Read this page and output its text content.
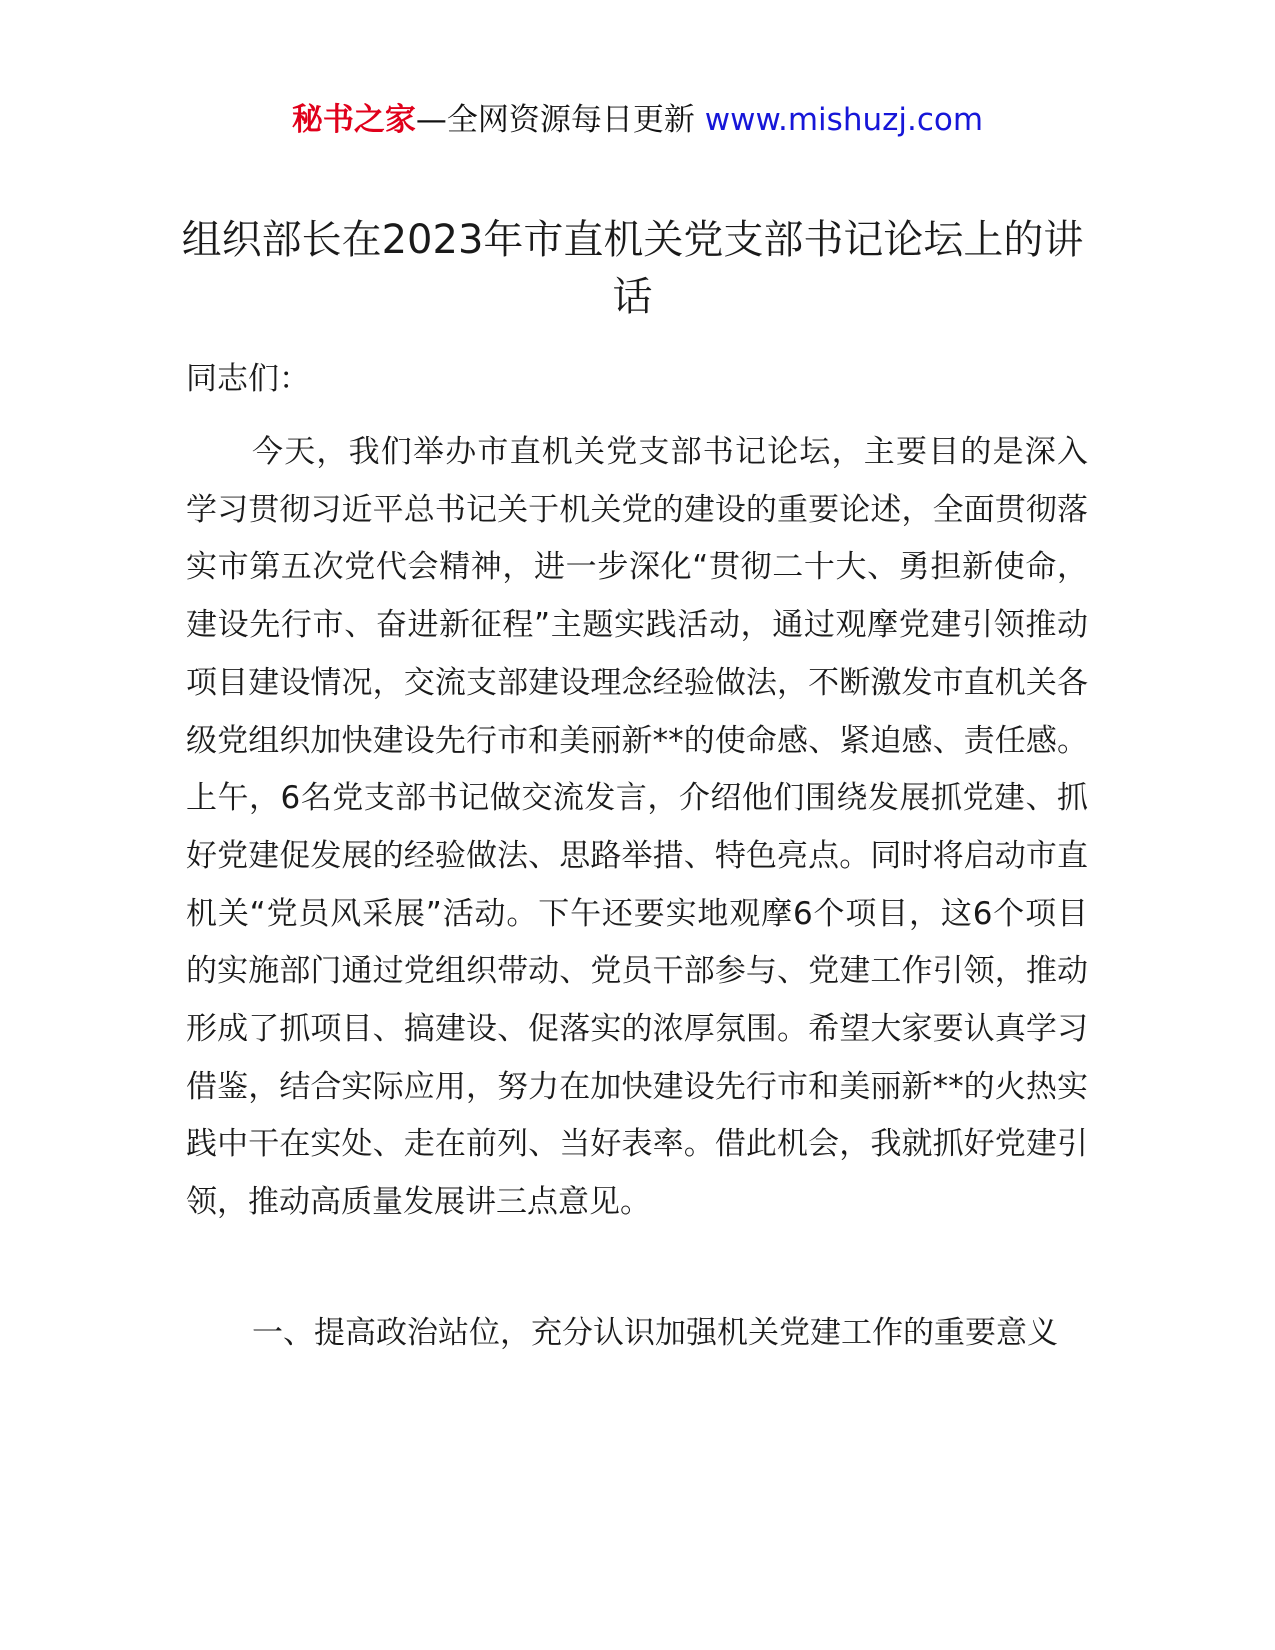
秘书之家—全网资源每日更新 www.mishuzj.com
组织部长在2023年市直机关党支部书记论坛上的讲话

同志们：

今天，我们举办市直机关党支部书记论坛，主要目的是深入学习贯彻习近平总书记关于机关党的建设的重要论述，全面贯彻落实市第五次党代会精神，进一步深化“贯彻二十大、勇担新使命，建设先行市、奋进新征程”主题实践活动，通过观摩党建引领推动项目建设情况，交流支部建设理念经验做法，不断激发市直机关各级党组织加快建设先行市和美丽新**的使命感、紧迫感、责任感。上午，6名党支部书记做交流发言，介绍他们围绕发展抓党建、抓好党建促发展的经验做法、思路举措、特色亮点。同时将启动市直机关“党员风采展”活动。下午还要实地观摩6个项目，这6个项目的实施部门通过党组织带动、党员干部参与、党建工作引领，推动形成了抓项目、搞建设、促落实的浓厚氛围。希望大家要认真学习借鉴，结合实际应用，努力在加快建设先行市和美丽新**的火热实践中干在实处、走在前列、当好表率。借此机会，我就抓好党建引领，推动高质量发展讲三点意见。

一、提高政治站位，充分认识加强机关党建工作的重要意义
